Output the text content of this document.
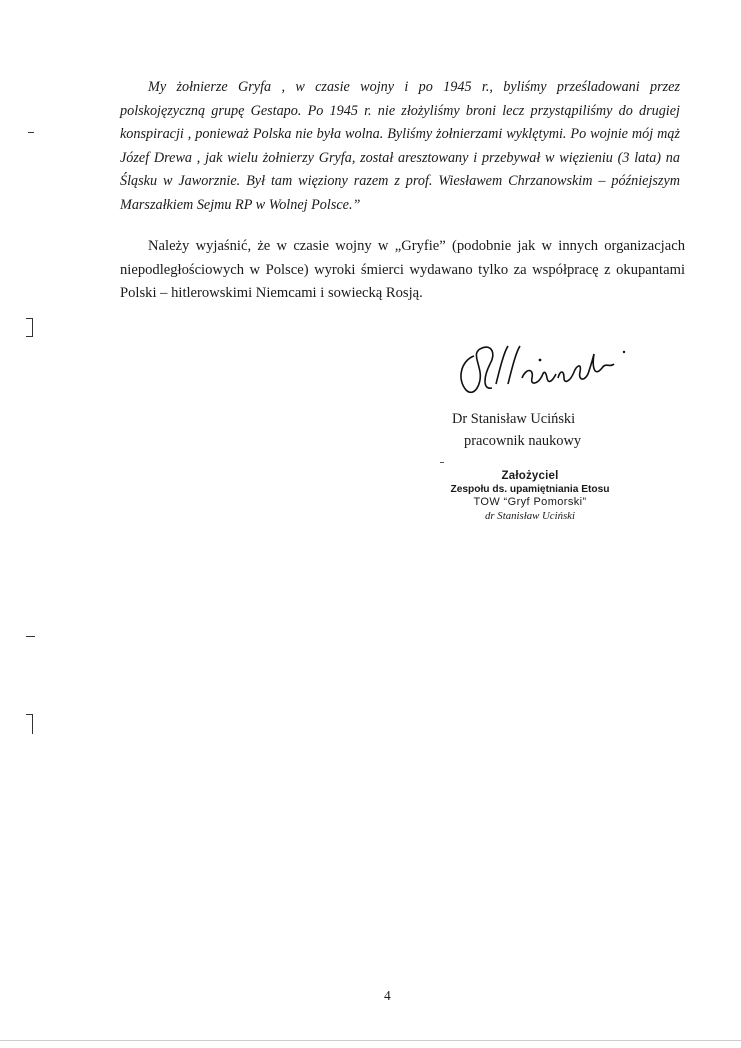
My żołnierze Gryfa , w czasie wojny i po 1945 r., byliśmy prześladowani przez polskojęzyczną grupę Gestapo. Po 1945 r. nie złożyliśmy broni lecz przystąpiliśmy do drugiej konspiracji , ponieważ Polska nie była wolna. Byliśmy żołnierzami wyklętymi. Po wojnie mój mąż Józef Drewa , jak wielu żołnierzy Gryfa, został aresztowany i przebywał w więzieniu (3 lata) na Śląsku w Jaworznie. Był tam więziony razem z prof. Wiesławem Chrzanowskim – późniejszym Marszałkiem Sejmu RP w Wolnej Polsce.”

Należy wyjaśnić, że w czasie wojny w „Gryfie” (podobnie jak w innych organizacjach niepodległościowych w Polsce) wyroki śmierci wydawano tylko za współpracę z okupantami Polski – hitlerowskimi Niemcami i sowiecką Rosją.

Dr Stanisław Uciński
pracownik naukowy
Założyciel
Zespołu ds. upamiętniania Etosu
TOW “Gryf Pomorski”
dr Stanisław Uciński
4
